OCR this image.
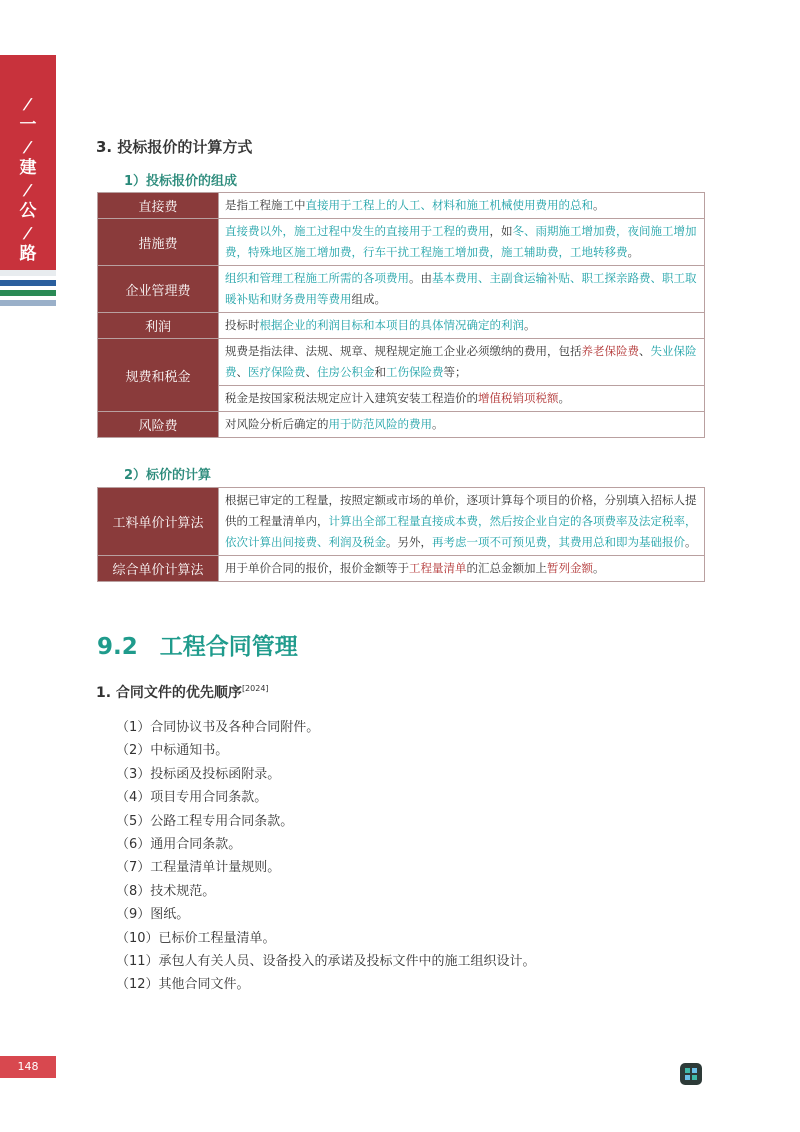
/
一
/
建
/
公
/
路
3. 投标报价的计算方式
1）投标报价的组成
直接费	是指工程施工中直接用于工程上的人工、材料和施工机械使用费用的总和。
措施费	直接费以外，施工过程中发生的直接用于工程的费用，如冬、雨期施工增加费，夜间施工增加费，特殊地区施工增加费，行车干扰工程施工增加费，施工辅助费，工地转移费。
企业管理费	组织和管理工程施工所需的各项费用。由基本费用、主副食运输补贴、职工探亲路费、职工取暖补贴和财务费用等费用组成。
利润	投标时根据企业的利润目标和本项目的具体情况确定的利润。
规费和税金	规费是指法律、法规、规章、规程规定施工企业必须缴纳的费用，包括养老保险费、失业保险费、医疗保险费、住房公积金和工伤保险费等；
	税金是按国家税法规定应计入建筑安装工程造价的增值税销项税额。
风险费	对风险分析后确定的用于防范风险的费用。
2）标价的计算
工料单价计算法	根据已审定的工程量，按照定额或市场的单价，逐项计算每个项目的价格，分别填入招标人提供的工程量清单内，计算出全部工程量直接成本费，然后按企业自定的各项费率及法定税率，依次计算出间接费、利润及税金。另外，再考虑一项不可预见费，其费用总和即为基础报价。
综合单价计算法	用于单价合同的报价，报价金额等于工程量清单的汇总金额加上暂列金额。
9.2 工程合同管理
1. 合同文件的优先顺序[2024]
（1）合同协议书及各种合同附件。
（2）中标通知书。
（3）投标函及投标函附录。
（4）项目专用合同条款。
（5）公路工程专用合同条款。
（6）通用合同条款。
（7）工程量清单计量规则。
（8）技术规范。
（9）图纸。
（10）已标价工程量清单。
（11）承包人有关人员、设备投入的承诺及投标文件中的施工组织设计。
（12）其他合同文件。
148
